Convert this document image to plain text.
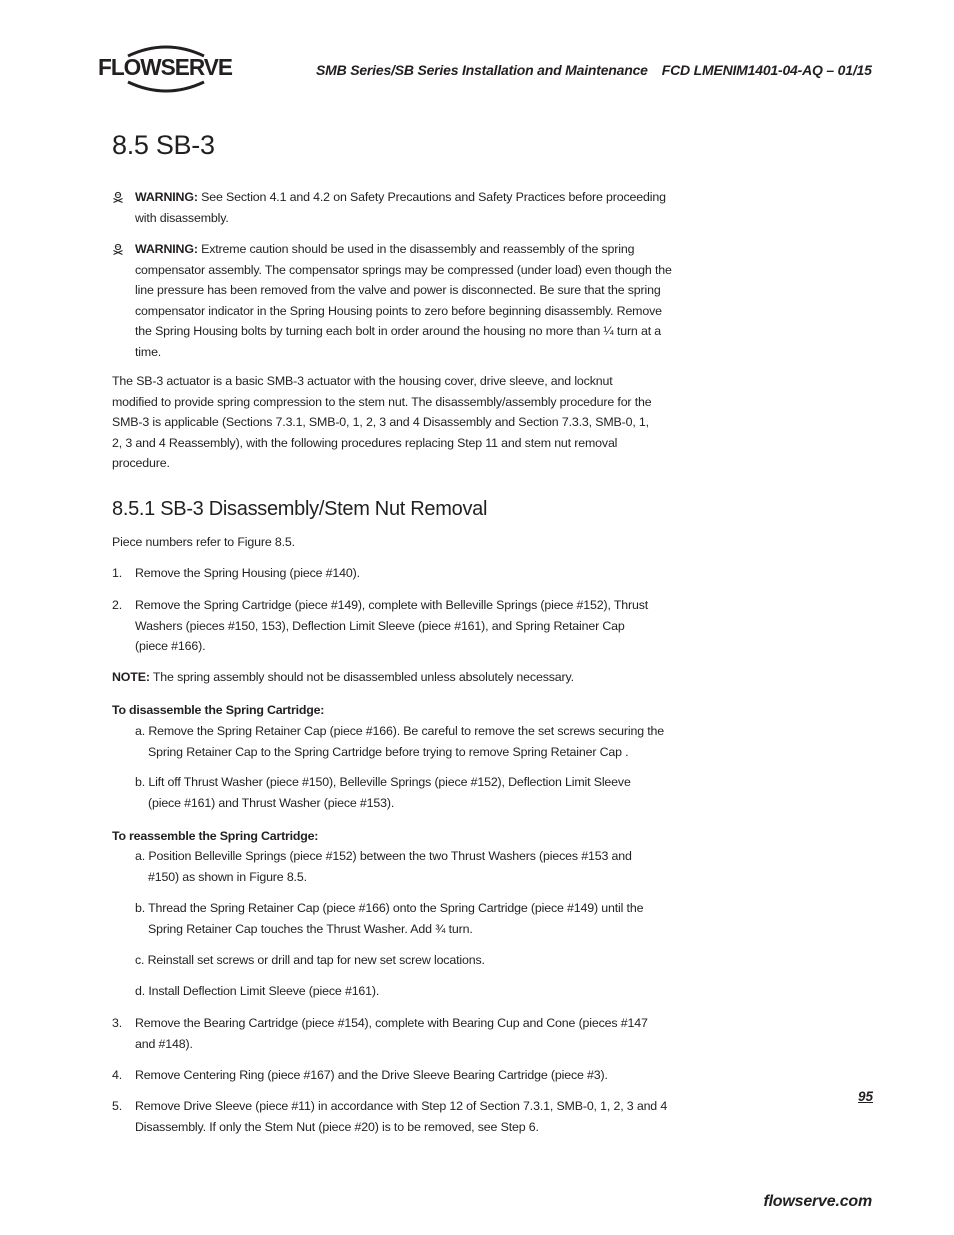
FLOWSERVE	SMB Series/SB Series Installation and Maintenance FCD LMENIM1401-04-AQ – 01/15
8.5 SB-3
WARNING: See Section 4.1 and 4.2 on Safety Precautions and Safety Practices before proceeding with disassembly.
WARNING: Extreme caution should be used in the disassembly and reassembly of the spring compensator assembly. The compensator springs may be compressed (under load) even though the line pressure has been removed from the valve and power is disconnected. Be sure that the spring compensator indicator in the Spring Housing points to zero before beginning disassembly. Remove the Spring Housing bolts by turning each bolt in order around the housing no more than ¼ turn at a time.
The SB-3 actuator is a basic SMB-3 actuator with the housing cover, drive sleeve, and locknut modified to provide spring compression to the stem nut. The disassembly/assembly procedure for the SMB-3 is applicable (Sections 7.3.1, SMB-0, 1, 2, 3 and 4 Disassembly and Section 7.3.3, SMB-0, 1, 2, 3 and 4 Reassembly), with the following procedures replacing Step 11 and stem nut removal procedure.
8.5.1 SB-3 Disassembly/Stem Nut Removal
Piece numbers refer to Figure 8.5.
1. Remove the Spring Housing (piece #140).
2. Remove the Spring Cartridge (piece #149), complete with Belleville Springs (piece #152), Thrust Washers (pieces #150, 153), Deflection Limit Sleeve (piece #161), and Spring Retainer Cap (piece #166).
NOTE: The spring assembly should not be disassembled unless absolutely necessary.
To disassemble the Spring Cartridge:
a. Remove the Spring Retainer Cap (piece #166). Be careful to remove the set screws securing the Spring Retainer Cap to the Spring Cartridge before trying to remove Spring Retainer Cap .
b. Lift off Thrust Washer (piece #150), Belleville Springs (piece #152), Deflection Limit Sleeve (piece #161) and Thrust Washer (piece #153).
To reassemble the Spring Cartridge:
a. Position Belleville Springs (piece #152) between the two Thrust Washers (pieces #153 and #150) as shown in Figure 8.5.
b. Thread the Spring Retainer Cap (piece #166) onto the Spring Cartridge (piece #149) until the Spring Retainer Cap touches the Thrust Washer. Add ¾ turn.
c. Reinstall set screws or drill and tap for new set screw locations.
d. Install Deflection Limit Sleeve (piece #161).
3. Remove the Bearing Cartridge (piece #154), complete with Bearing Cup and Cone (pieces #147 and #148).
4. Remove Centering Ring (piece #167) and the Drive Sleeve Bearing Cartridge (piece #3).
5. Remove Drive Sleeve (piece #11) in accordance with Step 12 of Section 7.3.1, SMB-0, 1, 2, 3 and 4 Disassembly. If only the Stem Nut (piece #20) is to be removed, see Step 6.
95
flowserve.com
